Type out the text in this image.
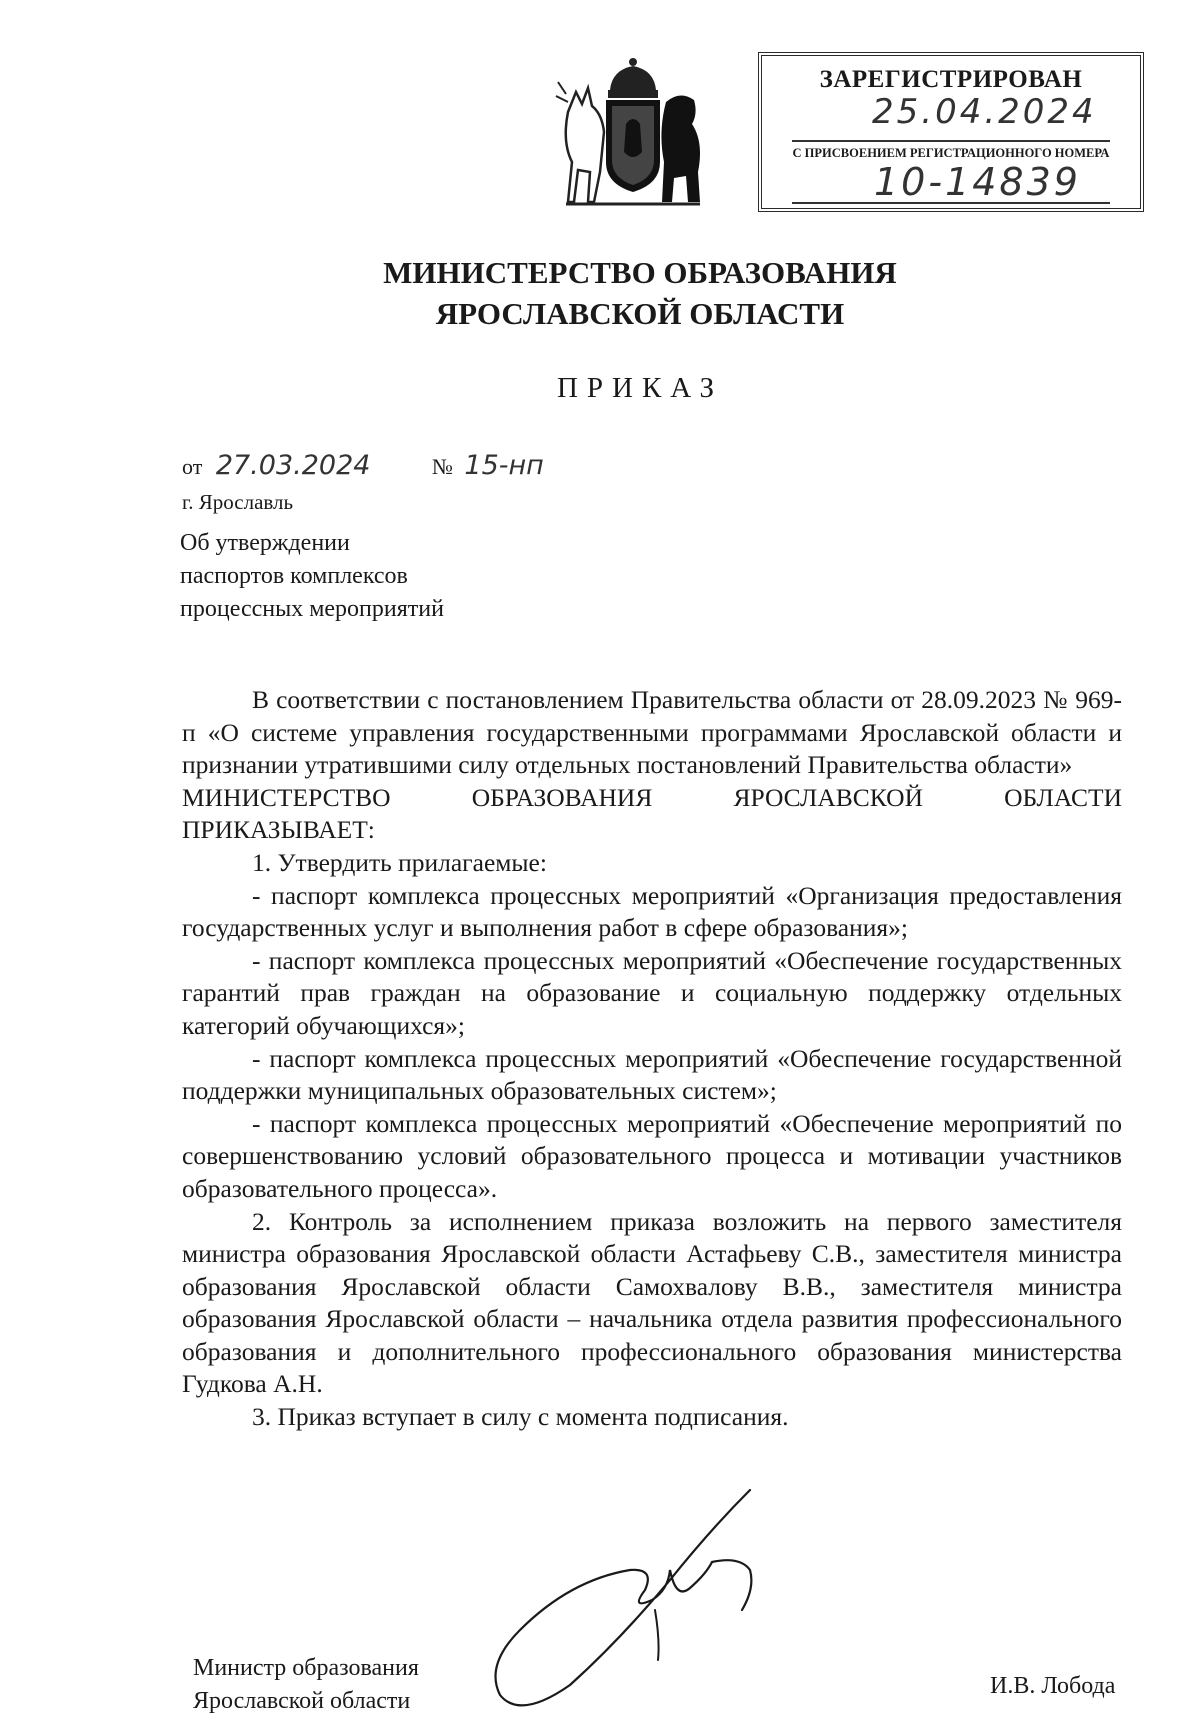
ЗАРЕГИСТРИРОВАН
25.04.2024
С ПРИСВОЕНИЕМ РЕГИСТРАЦИОННОГО НОМЕРА
10-14839
МИНИСТЕРСТВО ОБРАЗОВАНИЯ
ЯРОСЛАВСКОЙ ОБЛАСТИ
ПРИКАЗ
от 27.03.2024	№ 15-нп
г. Ярославль
Об утверждении
паспортов комплексов
процессных мероприятий

В соответствии с постановлением Правительства области от 28.09.2023 № 969-п «О системе управления государственными программами Ярославской области и признании утратившими силу отдельных постановлений Правительства области»

МИНИСТЕРСТВО ОБРАЗОВАНИЯ ЯРОСЛАВСКОЙ ОБЛАСТИ

ПРИКАЗЫВАЕТ:

1. Утвердить прилагаемые:

- паспорт комплекса процессных мероприятий «Организация предоставления государственных услуг и выполнения работ в сфере образования»;

- паспорт комплекса процессных мероприятий «Обеспечение государственных гарантий прав граждан на образование и социальную поддержку отдельных категорий обучающихся»;

- паспорт комплекса процессных мероприятий «Обеспечение государственной поддержки муниципальных образовательных систем»;

- паспорт комплекса процессных мероприятий «Обеспечение мероприятий по совершенствованию условий образовательного процесса и мотивации участников образовательного процесса».

2. Контроль за исполнением приказа возложить на первого заместителя министра образования Ярославской области Астафьеву С.В., заместителя министра образования Ярославской области Самохвалову В.В., заместителя министра образования Ярославской области – начальника отдела развития профессионального образования и дополнительного профессионального образования министерства Гудкова А.Н.

3. Приказ вступает в силу с момента подписания.

Министр образования
Ярославской области
И.В. Лобода
